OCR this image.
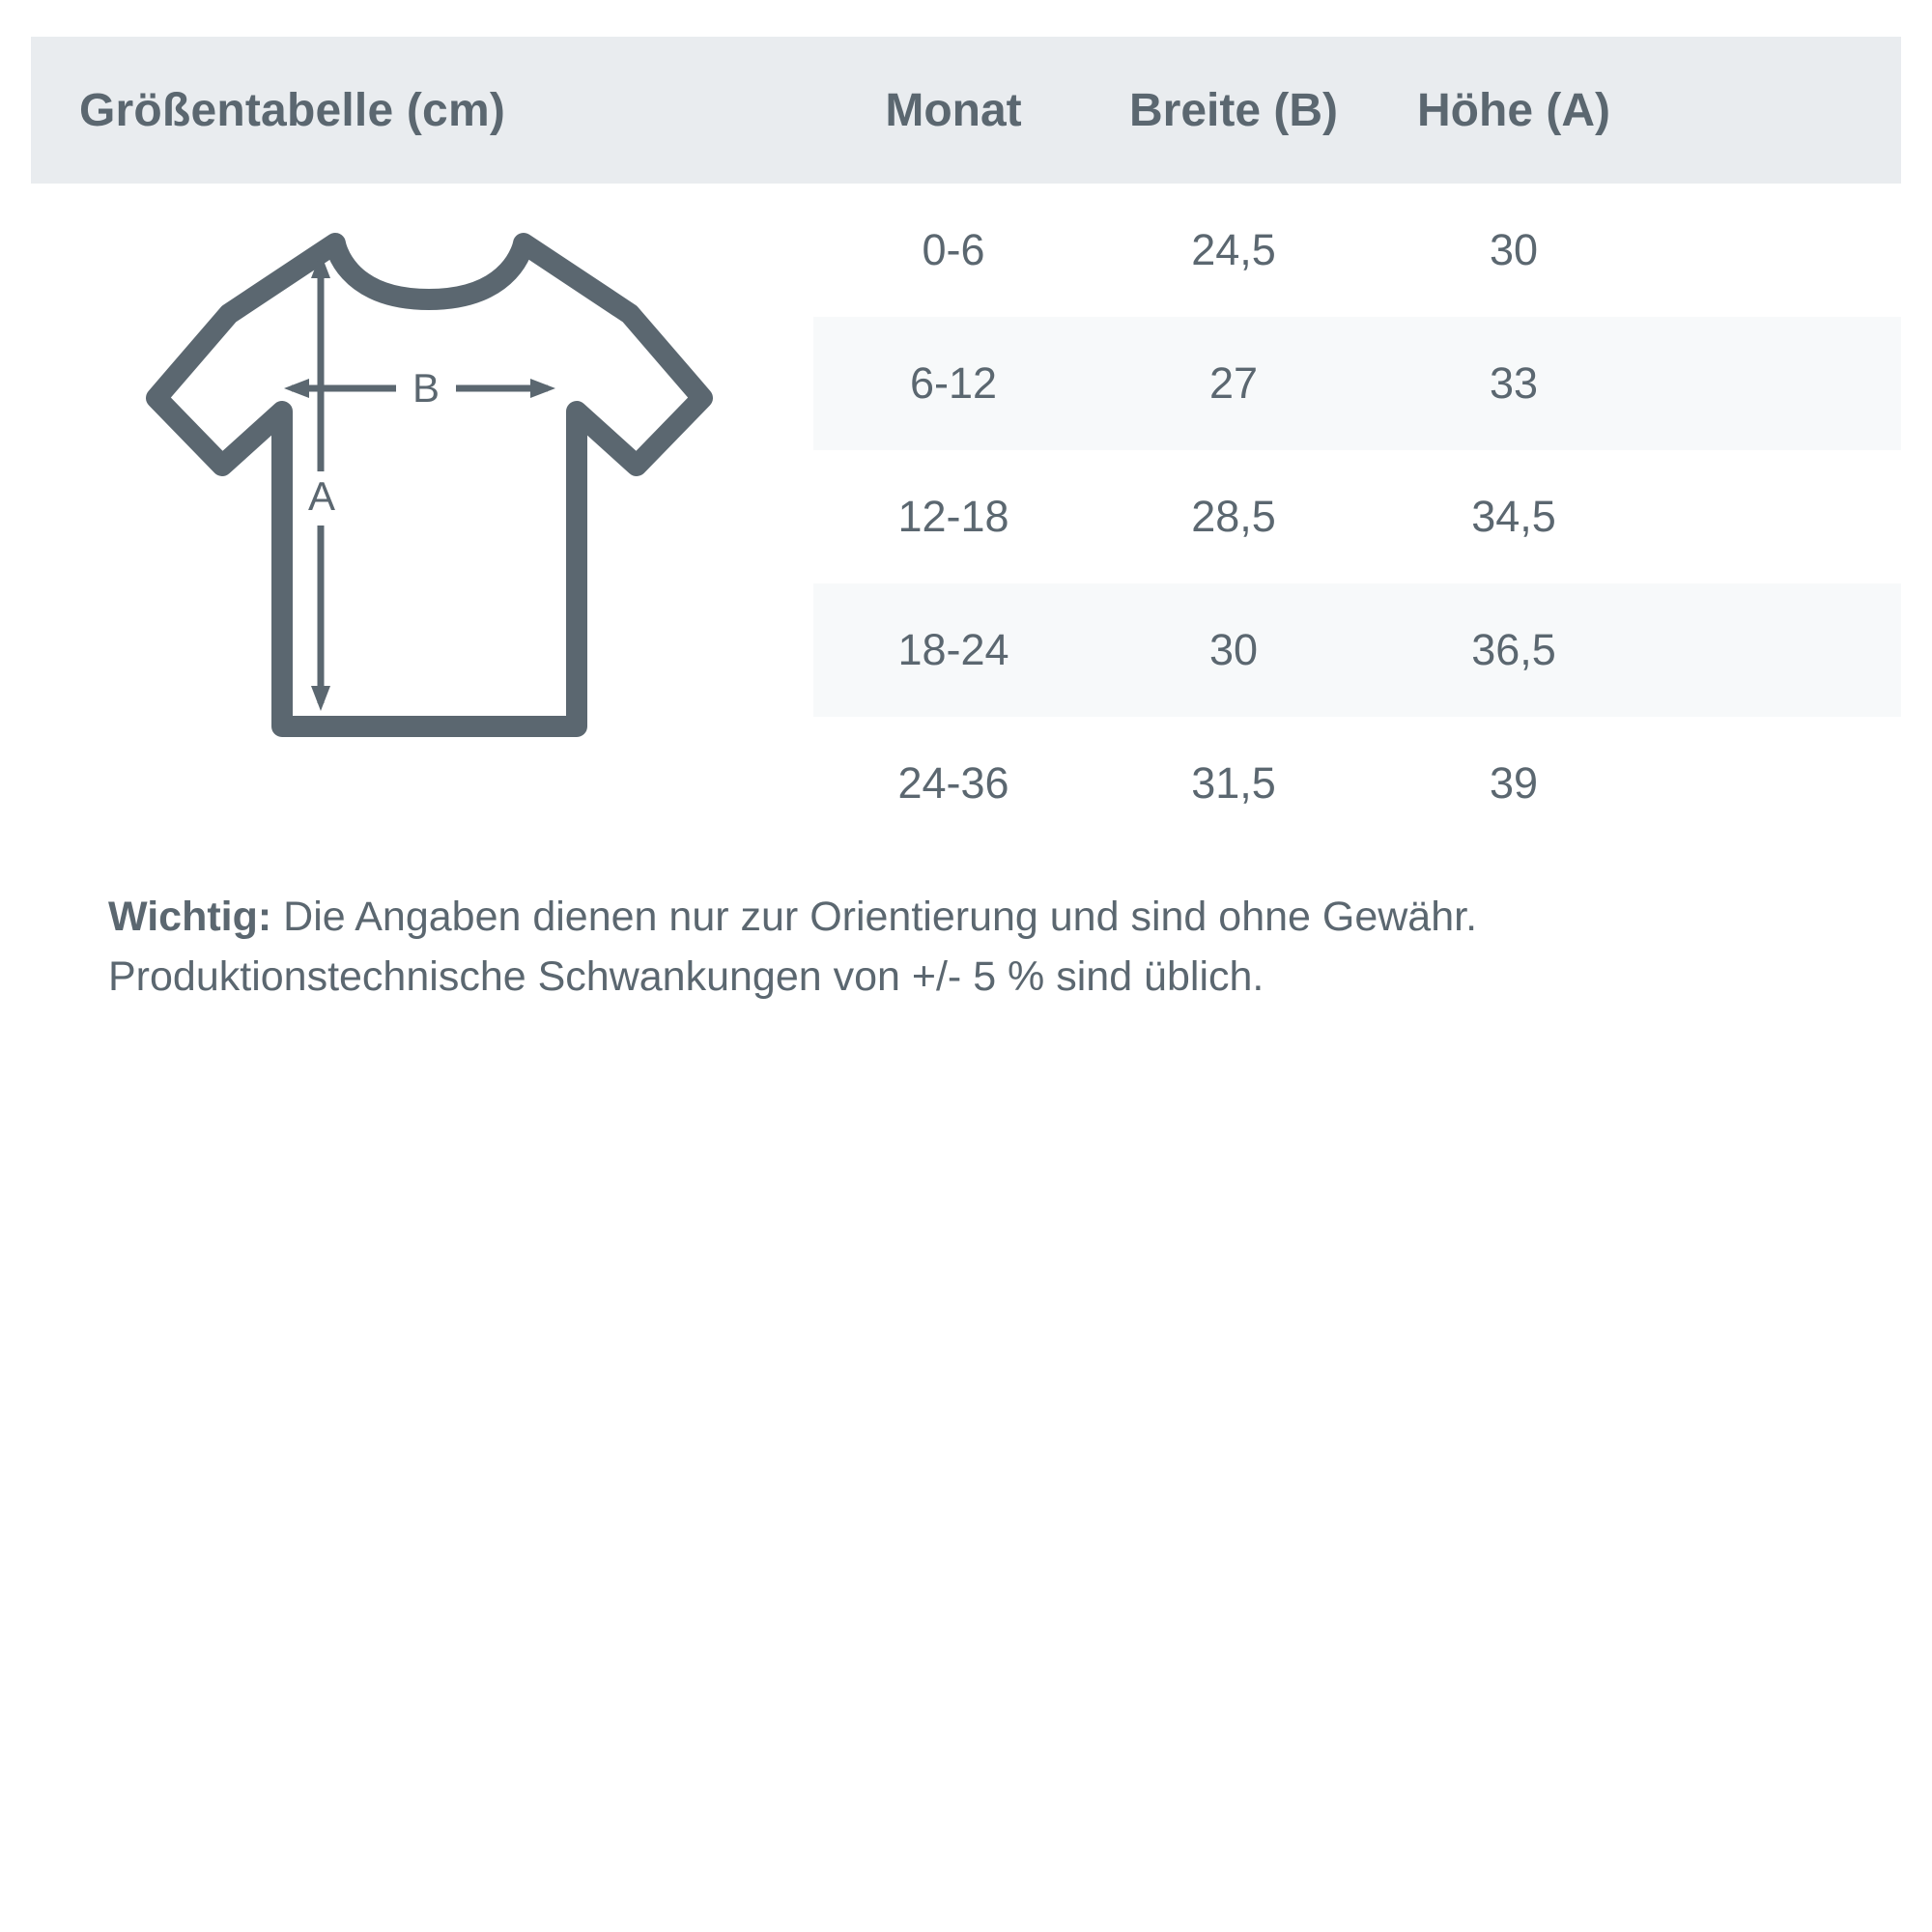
Größentabelle (cm)	Monat	Breite (B)	Höhe (A)
B
A
0-6	24,5	30
6-12	27	33
12-18	28,5	34,5
18-24	30	36,5
24-36	31,5	39
Wichtig: Die Angaben dienen nur zur Orientierung und sind ohne Gewähr. Produktionstechnische Schwankungen von +/- 5 % sind üblich.
